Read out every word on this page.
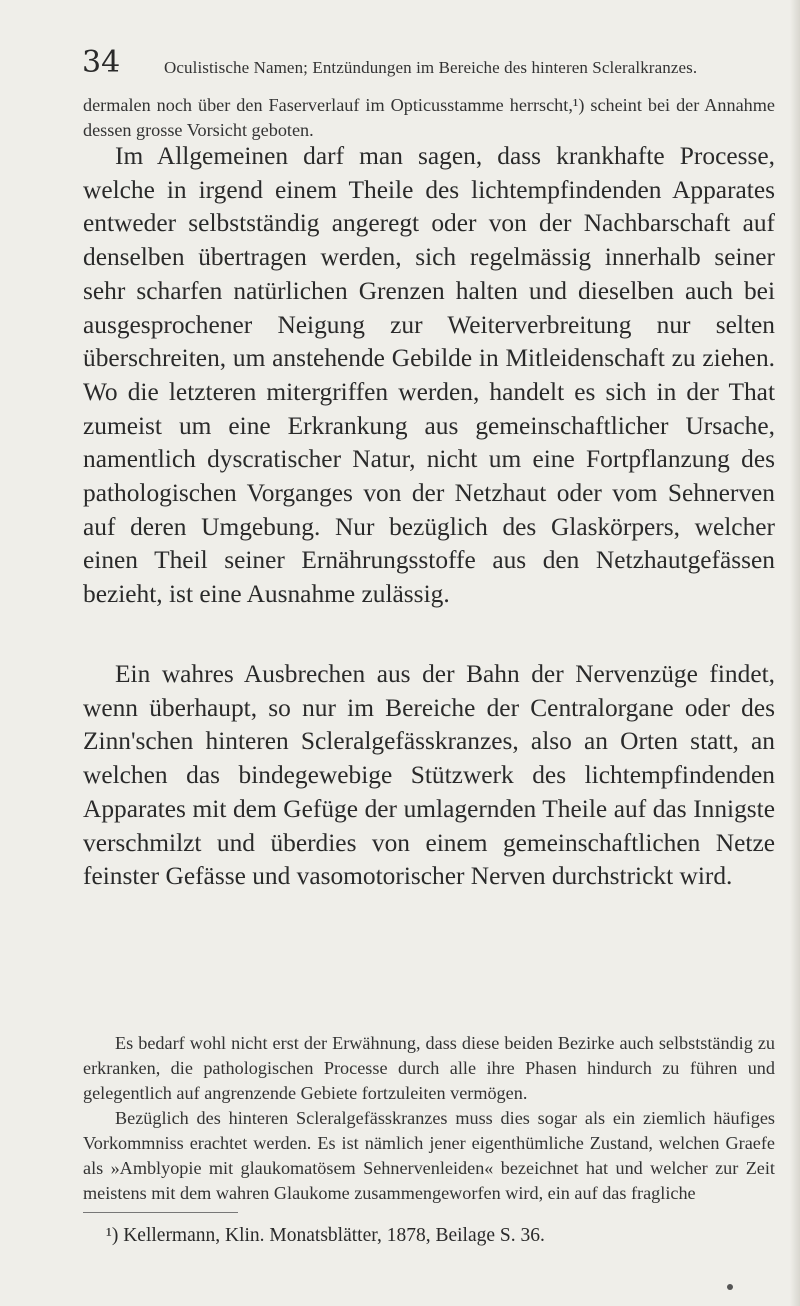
34	Oculistische Namen; Entzündungen im Bereiche des hinteren Scleralkranzes.

dermalen noch über den Faserverlauf im Opticusstamme herrscht,¹) scheint bei der Annahme dessen grosse Vorsicht geboten.

Im Allgemeinen darf man sagen, dass krankhafte Processe, welche in irgend einem Theile des lichtempfindenden Apparates entweder selbstständig angeregt oder von der Nachbarschaft auf denselben übertragen werden, sich regelmässig innerhalb seiner sehr scharfen natürlichen Grenzen halten und dieselben auch bei ausgesprochener Neigung zur Weiterverbreitung nur selten überschreiten, um anstehende Gebilde in Mitleidenschaft zu ziehen. Wo die letzteren mitergriffen werden, handelt es sich in der That zumeist um eine Erkrankung aus gemeinschaftlicher Ursache, namentlich dyscratischer Natur, nicht um eine Fortpflanzung des pathologischen Vorganges von der Netzhaut oder vom Sehnerven auf deren Umgebung. Nur bezüglich des Glaskörpers, welcher einen Theil seiner Ernährungsstoffe aus den Netzhautgefässen bezieht, ist eine Ausnahme zulässig.

Ein wahres Ausbrechen aus der Bahn der Nervenzüge findet, wenn überhaupt, so nur im Bereiche der Centralorgane oder des Zinn'schen hinteren Scleralgefässkranzes, also an Orten statt, an welchen das bindegewebige Stützwerk des lichtempfindenden Apparates mit dem Gefüge der umlagernden Theile auf das Innigste verschmilzt und überdies von einem gemeinschaftlichen Netze feinster Gefässe und vasomotorischer Nerven durchstrickt wird.

Es bedarf wohl nicht erst der Erwähnung, dass diese beiden Bezirke auch selbstständig zu erkranken, die pathologischen Processe durch alle ihre Phasen hindurch zu führen und gelegentlich auf angrenzende Gebiete fortzuleiten vermögen.

Bezüglich des hinteren Scleralgefässkranzes muss dies sogar als ein ziemlich häufiges Vorkommniss erachtet werden. Es ist nämlich jener eigenthümliche Zustand, welchen Graefe als »Amblyopie mit glaukomatösem Sehnervenleiden« bezeichnet hat und welcher zur Zeit meistens mit dem wahren Glaukome zusammengeworfen wird, ein auf das fragliche

¹) Kellermann, Klin. Monatsblätter, 1878, Beilage S. 36.
